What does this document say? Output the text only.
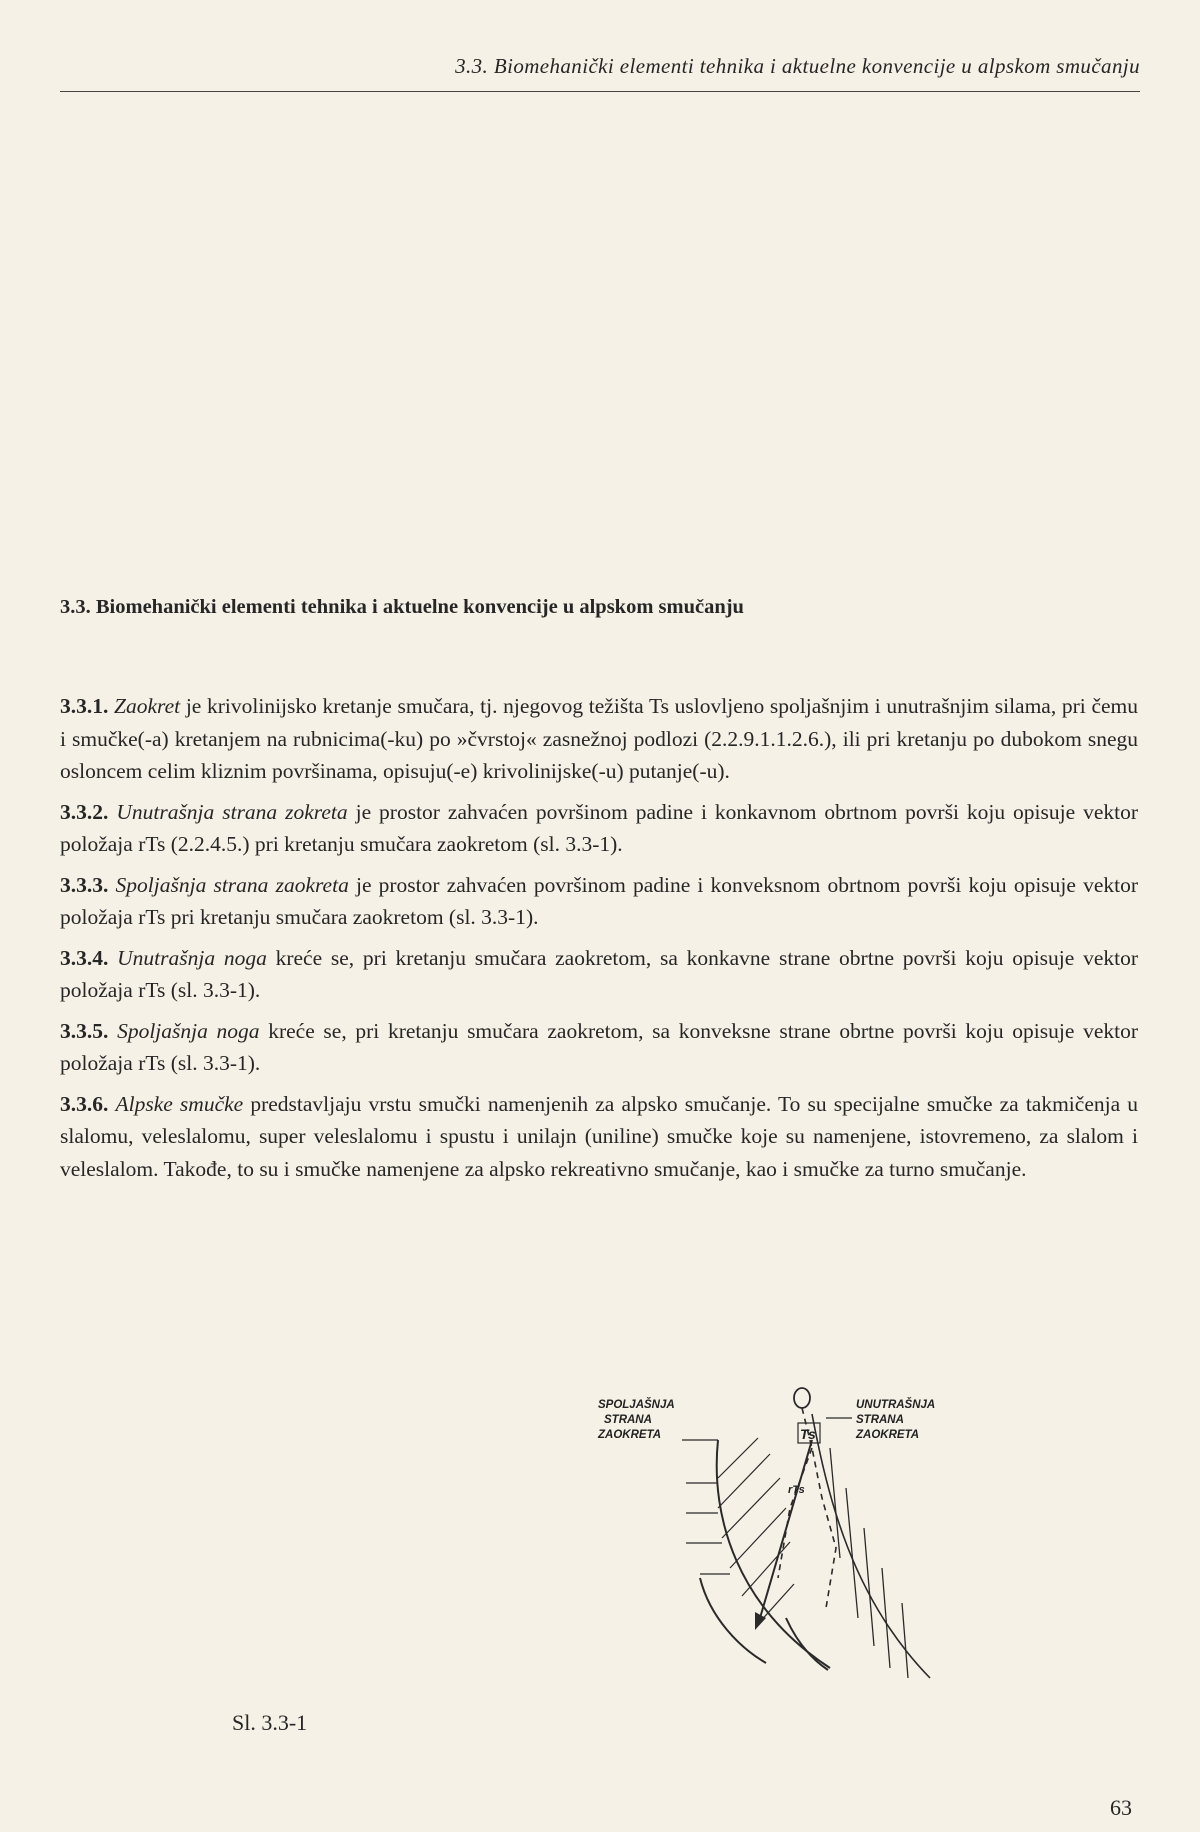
3.3. Biomehanički elementi tehnika i aktuelne konvencije u alpskom smučanju
3.3. Biomehanički elementi tehnika i aktuelne konvencije u alpskom smučanju

3.3.1. Zaokret je krivolinijsko kretanje smučara, tj. njegovog težišta Ts uslovljeno spoljašnjim i unutrašnjim silama, pri čemu i smučke(-a) kretanjem na rubnicima(-ku) po »čvrstoj« zasnežnoj podlozi (2.2.9.1.1.2.6.), ili pri kretanju po dubokom snegu osloncem celim kliznim površinama, opisuju(-e) krivolinijske(-u) putanje(-u).

3.3.2. Unutrašnja strana zokreta je prostor zahvaćen površinom padine i konkavnom obrtnom površi koju opisuje vektor položaja rTs (2.2.4.5.) pri kretanju smučara zaokretom (sl. 3.3-1).

3.3.3. Spoljašnja strana zaokreta je prostor zahvaćen površinom padine i konveksnom obrtnom površi koju opisuje vektor položaja rTs pri kretanju smučara zaokretom (sl. 3.3-1).

3.3.4. Unutrašnja noga kreće se, pri kretanju smučara zaokretom, sa konkavne strane obrtne površi koju opisuje vektor položaja rTs (sl. 3.3-1).

3.3.5. Spoljašnja noga kreće se, pri kretanju smučara zaokretom, sa konveksne strane obrtne površi koju opisuje vektor položaja rTs (sl. 3.3-1).

3.3.6. Alpske smučke predstavljaju vrstu smučki namenjenih za alpsko smučanje. To su specijalne smučke za takmičenja u slalomu, veleslalomu, super veleslalomu i spustu i unilajn (uniline) smučke koje su namenjene, istovremeno, za slalom i veleslalom. Takođe, to su i smučke namenjene za alpsko rekreativno smučanje, kao i smučke za turno smučanje.

SPOLJAŠNJA
STRANA
ZAOKRETA
UNUTRAŠNJA
STRANA
ZAOKRETA
Ts
rTs
Sl. 3.3-1
63
